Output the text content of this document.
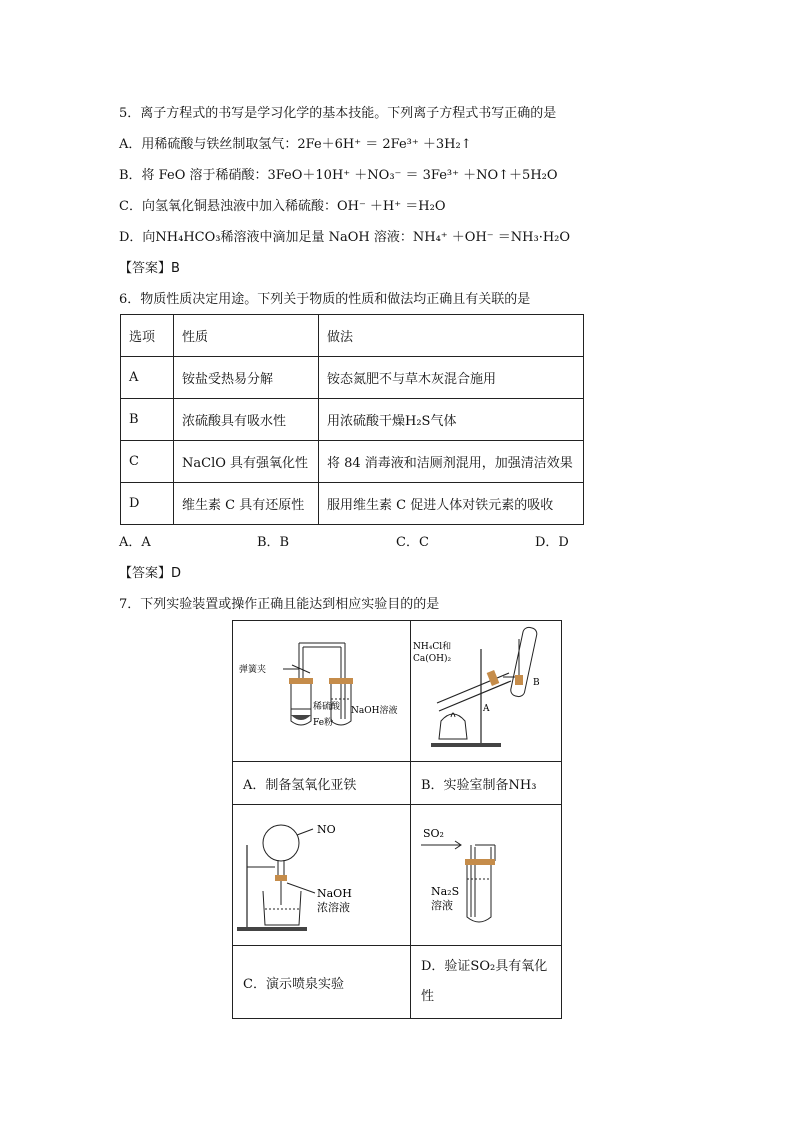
5．离子方程式的书写是学习化学的基本技能。下列离子方程式书写正确的是
A．用稀硫酸与铁丝制取氢气：2Fe＋6H⁺ ＝ 2Fe³⁺ ＋3H₂↑
B．将 FeO 溶于稀硝酸：3FeO＋10H⁺ ＋NO₃⁻ ＝ 3Fe³⁺ ＋NO↑＋5H₂O
C．向氢氧化铜悬浊液中加入稀硫酸：OH⁻ ＋H⁺ ＝H₂O
D．向NH₄HCO₃稀溶液中滴加足量 NaOH 溶液：NH₄⁺ ＋OH⁻ ＝NH₃·H₂O
【答案】B
6．物质性质决定用途。下列关于物质的性质和做法均正确且有关联的是
选项	性质	做法
A	铵盐受热易分解	铵态氮肥不与草木灰混合施用
B	浓硫酸具有吸水性	用浓硫酸干燥H₂S气体
C	NaClO 具有强氧化性	将 84 消毒液和洁厕剂混用，加强清洁效果
D	维生素 C 具有还原性	服用维生素 C 促进人体对铁元素的吸收
A．A	B．B	C．C	D．D
【答案】D
7．下列实验装置或操作正确且能达到相应实验目的的是
弹簧夹
稀硫酸
Fe粉
NaOH溶液	NH₄Cl和
Ca(OH)₂
A
B

A．制备氢氧化亚铁	B．实验室制备NH₃

NO
NaOH
浓溶液	SO₂
Na₂S
溶液

C．演示喷泉实验	D．验证SO₂具有氧化
性
